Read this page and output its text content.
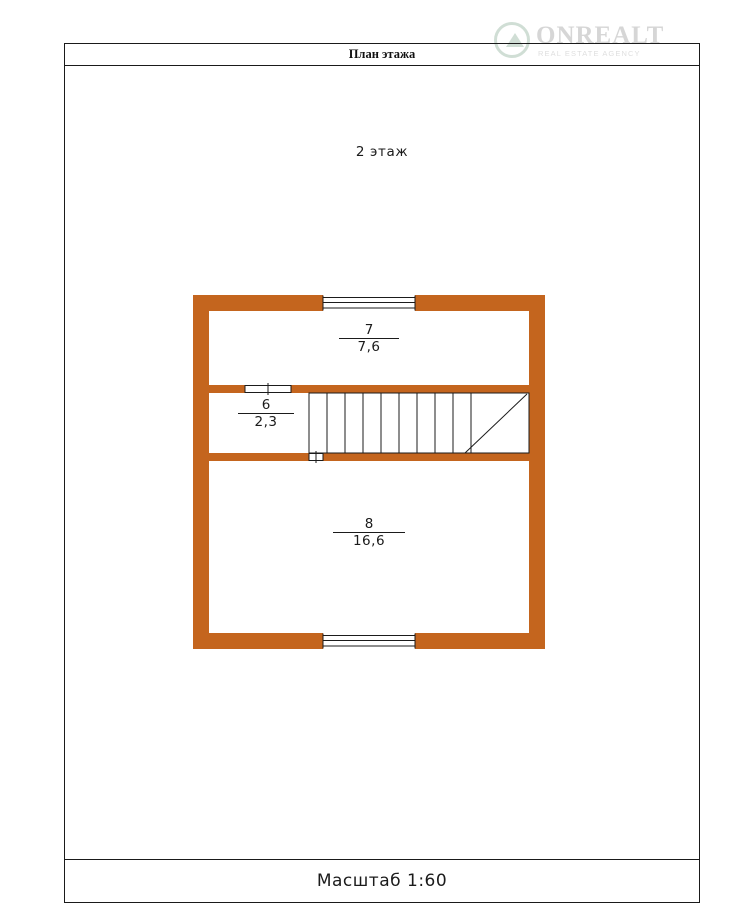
ONREALT
REAL ESTATE AGENCY
План этажа
2 этаж
7
7,6
6
2,3
8
16,6
Масштаб 1:60
